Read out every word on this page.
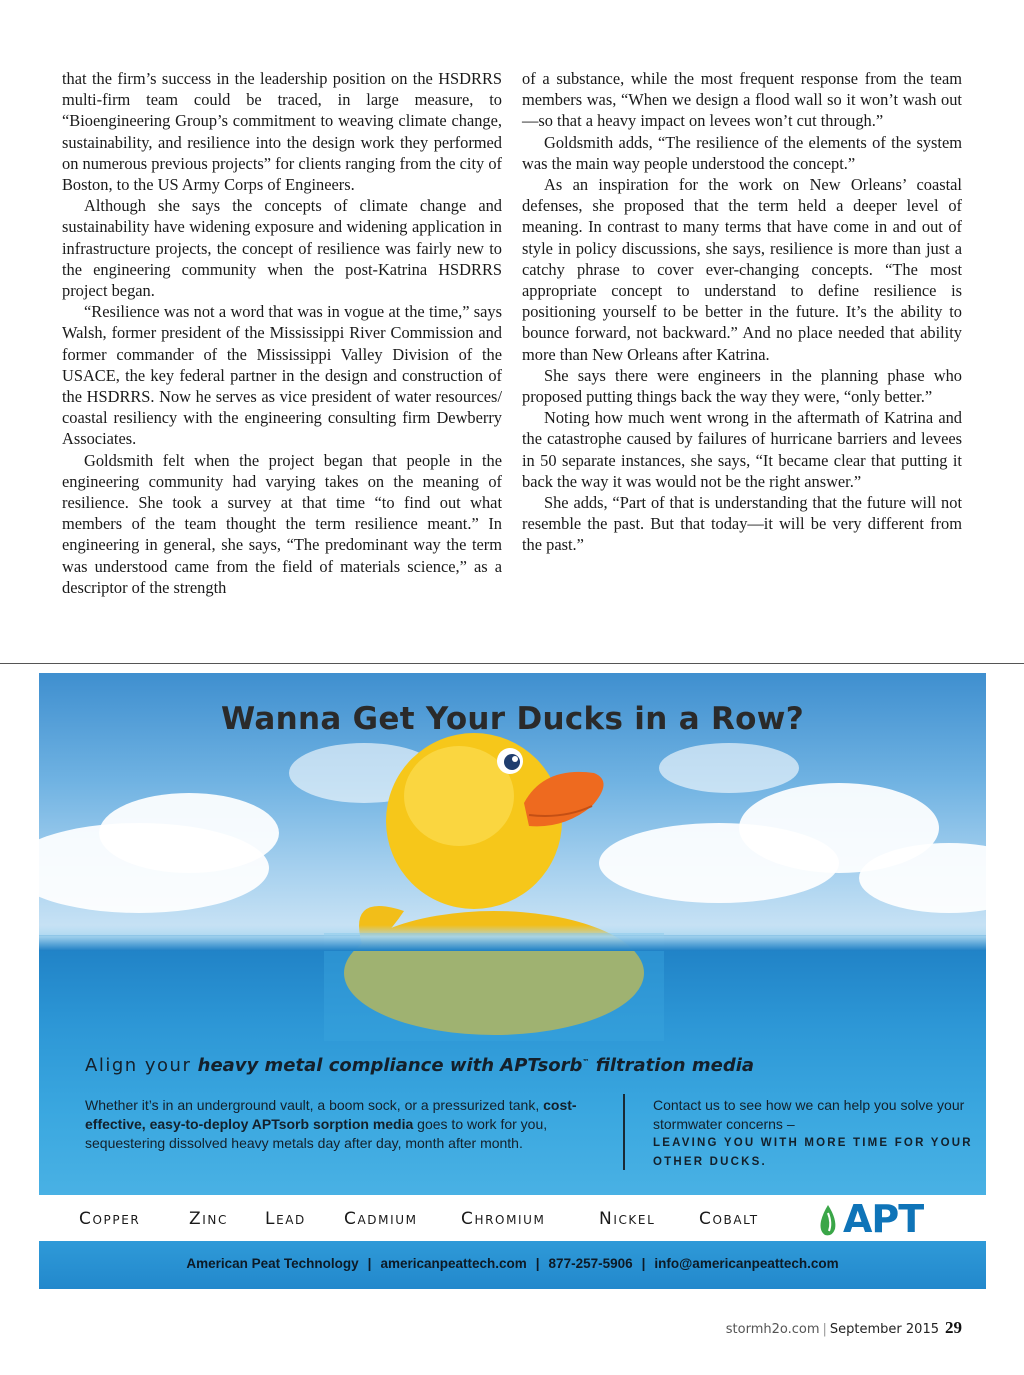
that the firm’s success in the leadership position on the HSDRRS multi-firm team could be traced, in large measure, to “Bioengineering Group’s commitment to weaving climate change, sustainability, and resilience into the design work they performed on numerous previous projects” for clients ranging from the city of Boston, to the US Army Corps of Engineers.

Although she says the concepts of climate change and sustainability have widening exposure and widening application in infrastructure projects, the concept of resilience was fairly new to the engineering community when the post-Katrina HSDRRS project began.

“Resilience was not a word that was in vogue at the time,” says Walsh, former president of the Mississippi River Commission and former commander of the Mississippi Valley Division of the USACE, the key federal partner in the design and construction of the HSDRRS. Now he serves as vice president of water resources/ coastal resiliency with the engineering consulting firm Dewberry Associates.

Goldsmith felt when the project began that people in the engineering community had varying takes on the meaning of resilience. She took a survey at that time “to find out what members of the team thought the term resilience meant.” In engineering in general, she says, “The predominant way the term was understood came from the field of materials science,” as a descriptor of the strength

of a substance, while the most frequent response from the team members was, “When we design a flood wall so it won’t wash out—so that a heavy impact on levees won’t cut through.”

Goldsmith adds, “The resilience of the elements of the system was the main way people understood the concept.”

As an inspiration for the work on New Orleans’ coastal defenses, she proposed that the term held a deeper level of meaning. In contrast to many terms that have come in and out of style in policy discussions, she says, resilience is more than just a catchy phrase to cover ever-changing concepts. “The most appropriate concept to understand to define resilience is positioning yourself to be better in the future. It’s the ability to bounce forward, not backward.” And no place needed that ability more than New Orleans after Katrina.

She says there were engineers in the planning phase who proposed putting things back the way they were, “only better.”

Noting how much went wrong in the aftermath of Katrina and the catastrophe caused by failures of hurricane barriers and levees in 50 separate instances, she says, “It became clear that putting it back the way it was would not be the right answer.”

She adds, “Part of that is understanding that the future will not resemble the past. But that today—it will be very different from the past.”

Wanna Get Your Ducks in a Row?
Align your heavy metal compliance with APTsorb™ filtration media
Whether it’s in an underground vault, a boom sock, or a pressurized tank, cost-effective, easy-to-deploy APTsorb sorption media goes to work for you, sequestering dissolved heavy metals day after day, month after month.
Contact us to see how we can help you solve your stormwater concerns –
LEAVING YOU WITH MORE TIME FOR YOUR OTHER DUCKS.
Copper	Zinc Lead Cadmium	Chromium	Nickel	Cobalt	APT
American Peat Technology | americanpeattech.com | 877-257-5906 | info@americanpeattech.com
stormh2o.com | September 2015 29
